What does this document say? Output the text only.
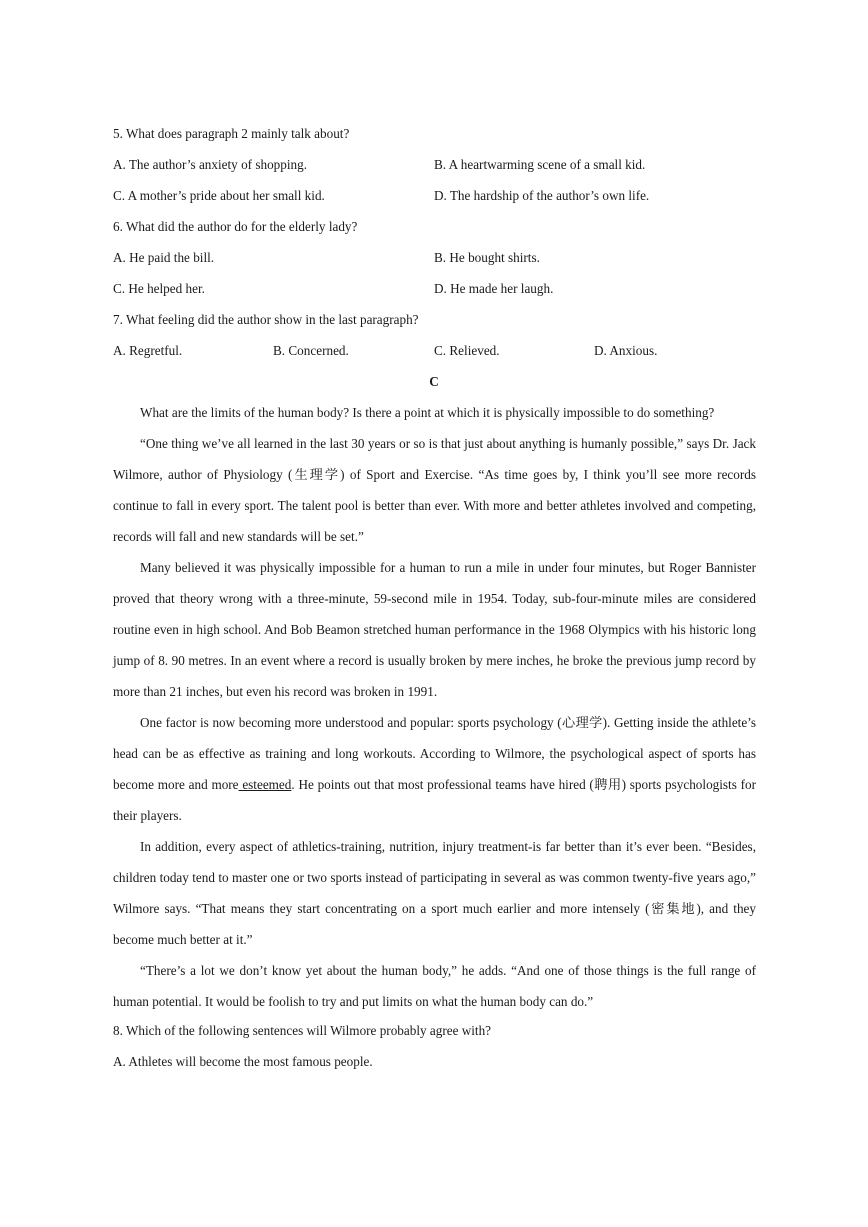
5. What does paragraph 2 mainly talk about?
A. The author’s anxiety of shopping.	B. A heartwarming scene of a small kid.
C. A mother’s pride about her small kid.	D. The hardship of the author’s own life.
6. What did the author do for the elderly lady?
A. He paid the bill.	B. He bought shirts.
C. He helped her.	D. He made her laugh.
7. What feeling did the author show in the last paragraph?
A. Regretful.	B. Concerned.	C. Relieved.	D. Anxious.
C

What are the limits of the human body? Is there a point at which it is physically impossible to do something?

“One thing we’ve all learned in the last 30 years or so is that just about anything is humanly possible,” says Dr. Jack Wilmore, author of Physiology (生理学) of Sport and Exercise. “As time goes by, I think you’ll see more records continue to fall in every sport. The talent pool is better than ever. With more and better athletes involved and competing, records will fall and new standards will be set.”

Many believed it was physically impossible for a human to run a mile in under four minutes, but Roger Bannister proved that theory wrong with a three-minute, 59-second mile in 1954. Today, sub-four-minute miles are considered routine even in high school. And Bob Beamon stretched human performance in the 1968 Olympics with his historic long jump of 8. 90 metres. In an event where a record is usually broken by mere inches, he broke the previous jump record by more than 21 inches, but even his record was broken in 1991.

One factor is now becoming more understood and popular: sports psychology (心理学). Getting inside the athlete’s head can be as effective as training and long workouts. According to Wilmore, the psychological aspect of sports has become more and more esteemed. He points out that most professional teams have hired (聘用) sports psychologists for their players.

In addition, every aspect of athletics-training, nutrition, injury treatment-is far better than it’s ever been. “Besides, children today tend to master one or two sports instead of participating in several as was common twenty-five years ago,” Wilmore says. “That means they start concentrating on a sport much earlier and more intensely (密集地), and they become much better at it.”

“There’s a lot we don’t know yet about the human body,” he adds. “And one of those things is the full range of human potential. It would be foolish to try and put limits on what the human body can do.”

8. Which of the following sentences will Wilmore probably agree with?
A. Athletes will become the most famous people.
